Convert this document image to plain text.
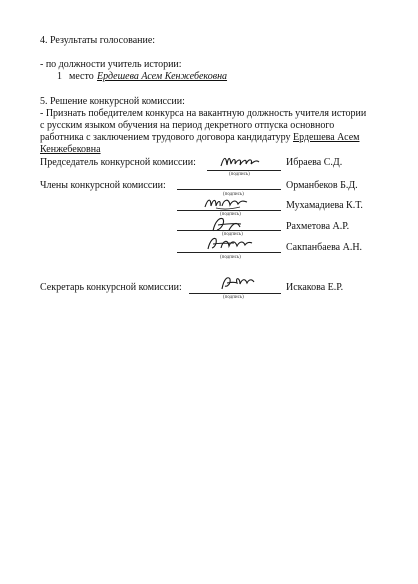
4. Результаты голосование:
- по должности учитель истории:
1 место Ердешева Асем Кенжебековна
5. Решение конкурсной комиссии:
- Признать победителем конкурса на вакантную должность учителя истории
с русским языком обучения на период декретного отпуска основного
работника с заключением трудового договора кандидатуру Ердешева Асем
Кенжебековна
Председатель конкурсной комиссии:
(подпись)
Ибраева С.Д.
Члены конкурсной комиссии:
(подпись)
Орманбеков Б.Д.
(подпись)
Мухамадиева К.Т.
(подпись)
Рахметова А.Р.
(подпись)
Сакпанбаева А.Н.
Секретарь конкурсной комиссии:
(подпись)
Искакова Е.Р.
